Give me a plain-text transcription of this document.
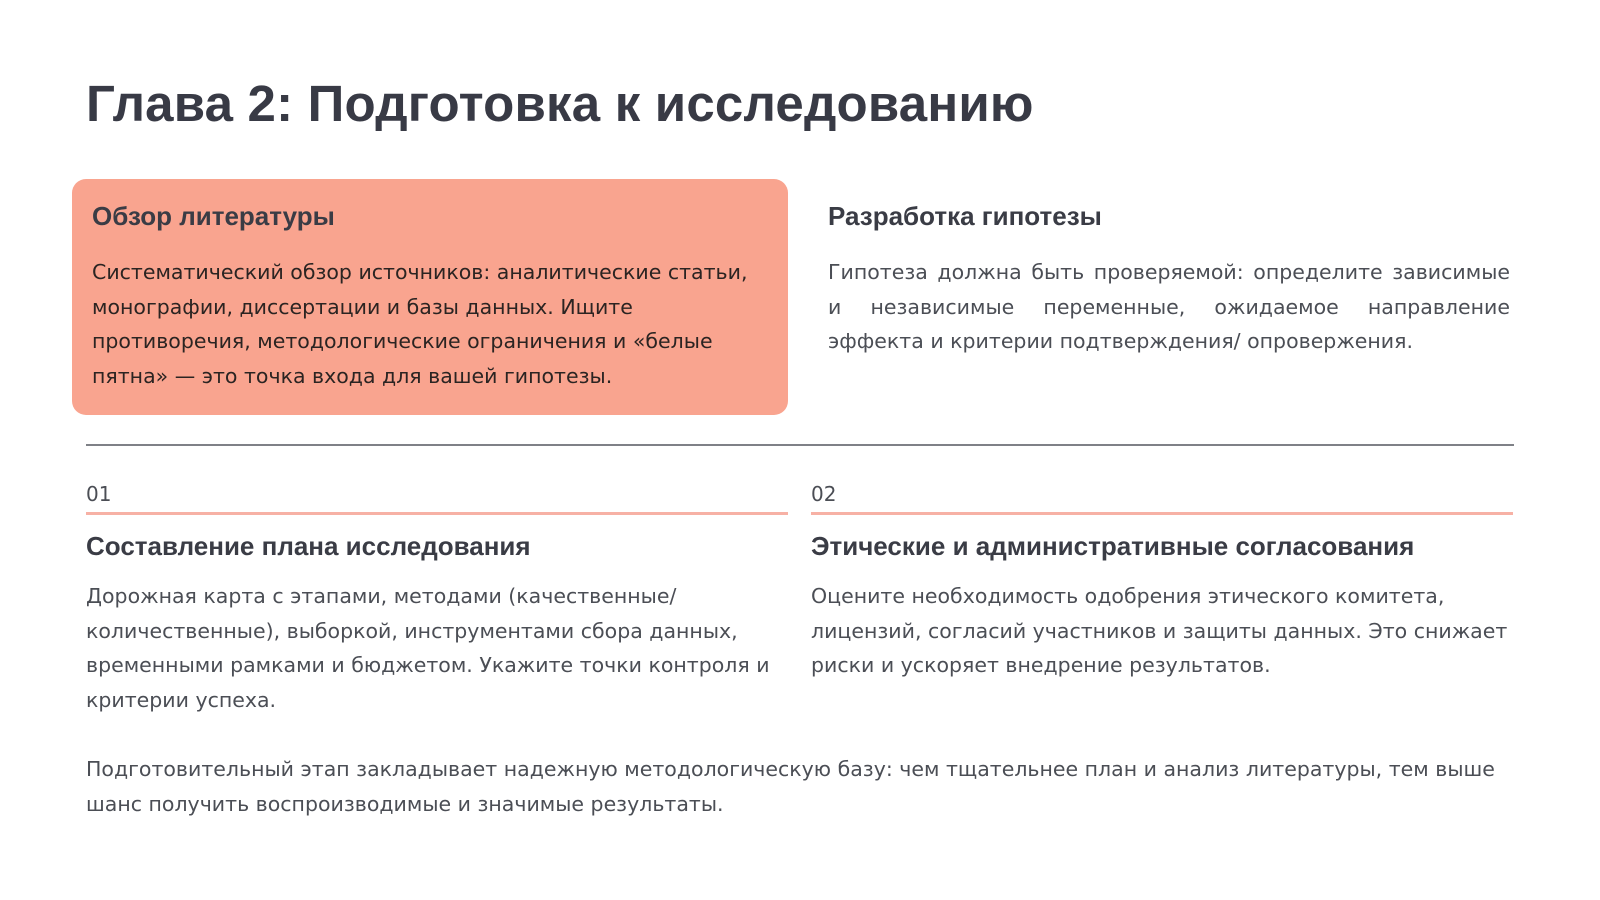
Глава 2: Подготовка к исследованию
Обзор литературы

Систематический обзор источников: аналитические статьи, монографии, диссертации и базы данных. Ищите противоречия, методологические ограничения и «белые пятна» — это точка входа для вашей гипотезы.

Разработка гипотезы

Гипотеза должна быть проверяемой: определите зависимые и независимые переменные, ожидаемое направление эффекта и критерии подтверждения/ опровержения.

01
Составление плана исследования

Дорожная карта с этапами, методами (качественные/количественные), выборкой, инструментами сбора данных, временными рамками и бюджетом. Укажите точки контроля и критерии успеха.

02
Этические и административные согласования

Оцените необходимость одобрения этического комитета, лицензий, согласий участников и защиты данных. Это снижает риски и ускоряет внедрение результатов.

Подготовительный этап закладывает надежную методологическую базу: чем тщательнее план и анализ литературы, тем выше шанс получить воспроизводимые и значимые результаты.
